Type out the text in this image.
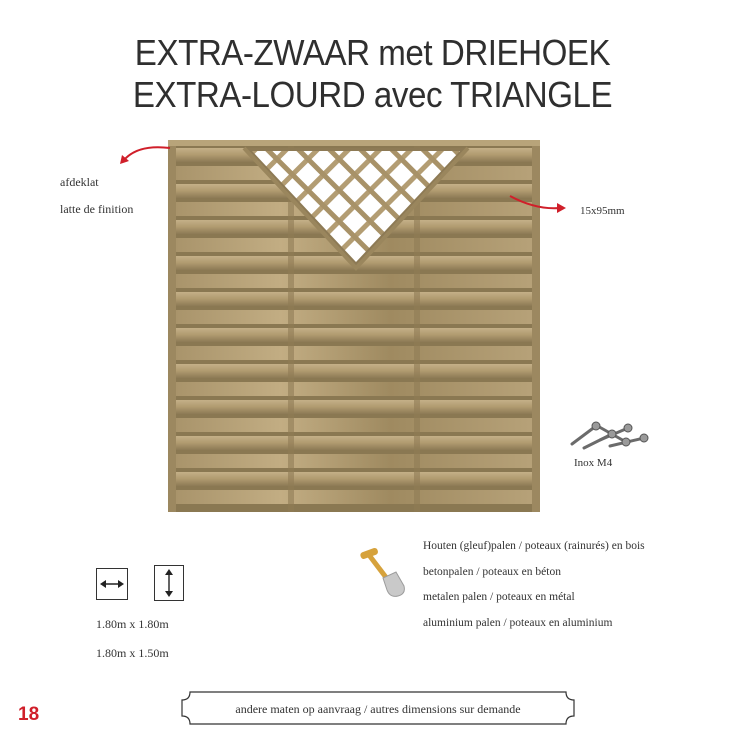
EXTRA-ZWAAR met DRIEHOEK
EXTRA-LOURD avec TRIANGLE
afdeklat
latte de finition	15x95mm
Inox M4
1.80m x 1.80m
1.80m x 1.50m
Houten (gleuf)palen / poteaux (rainurés) en bois
betonpalen / poteaux en béton
metalen palen / poteaux en métal
aluminium palen / poteaux en aluminium
andere maten op aanvraag / autres dimensions sur demande
18
